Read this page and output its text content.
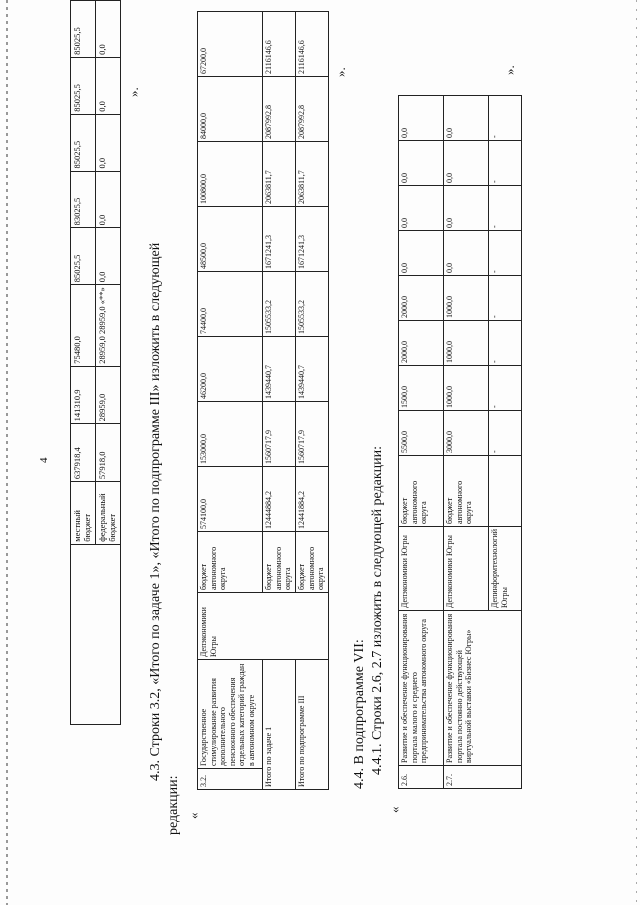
4
	местный бюджет	637918,4	141310,9	75480,0	85025,5	83025,5	85025,5	85025,5	85025,5
	федеральный бюджет	57918,0	28959,0	28959,0 28959,0 «**»	0,0	0,0	0,0	0,0	0,0
».
4.3. Строки 3.2, «Итого по задаче 1», «Итого по подпрограмме III» изложить в следующей
редакции: «
3.2.	Государственное стимулирование развития дополнительного пенсионного обеспечения отдельных категорий граждан в автономном округе	Депэкономики Югры	бюджет автономного округа	574100,0	153000,0	46200,0	74400,0	48500,0	100800,0	84000,0	67200,0
Итого по задаче 1			бюджет автономного округа	12444884,2	1560717,9	1439440,7	1505533,2	1671241,3	2063811,7	2087992,8	2116146,6
Итого по подпрограмме III			бюджет автономного округа	12441884,2	1560717,9	1439440,7	1505533,2	1671241,3	2063811,7	2087992,8	2116146,6 ».
4.4. В подпрограмме VII: 4.4.1. Строки 2.6, 2.7 изложить в следующей редакции:
«
2.6.	Развитие и обеспечение функционирования портала малого и среднего предпринимательства автономного округа	Депэкономики Югры	бюджет автономного округа	5500,0	1500,0	2000,0	2000,0	0,0	0,0	0,0	0,0
2.7.	Развитие и обеспечение функционирования портала постоянно действующей виртуальной выставки «Бизнес Югры»	Депэкономики Югры	бюджет автономного округа	3000,0	1000,0	1000,0	1000,0	0,0	0,0	0,0	0,0
		Депинформтехнологий Югры		-	-	-	-	-	-	-	-
».
